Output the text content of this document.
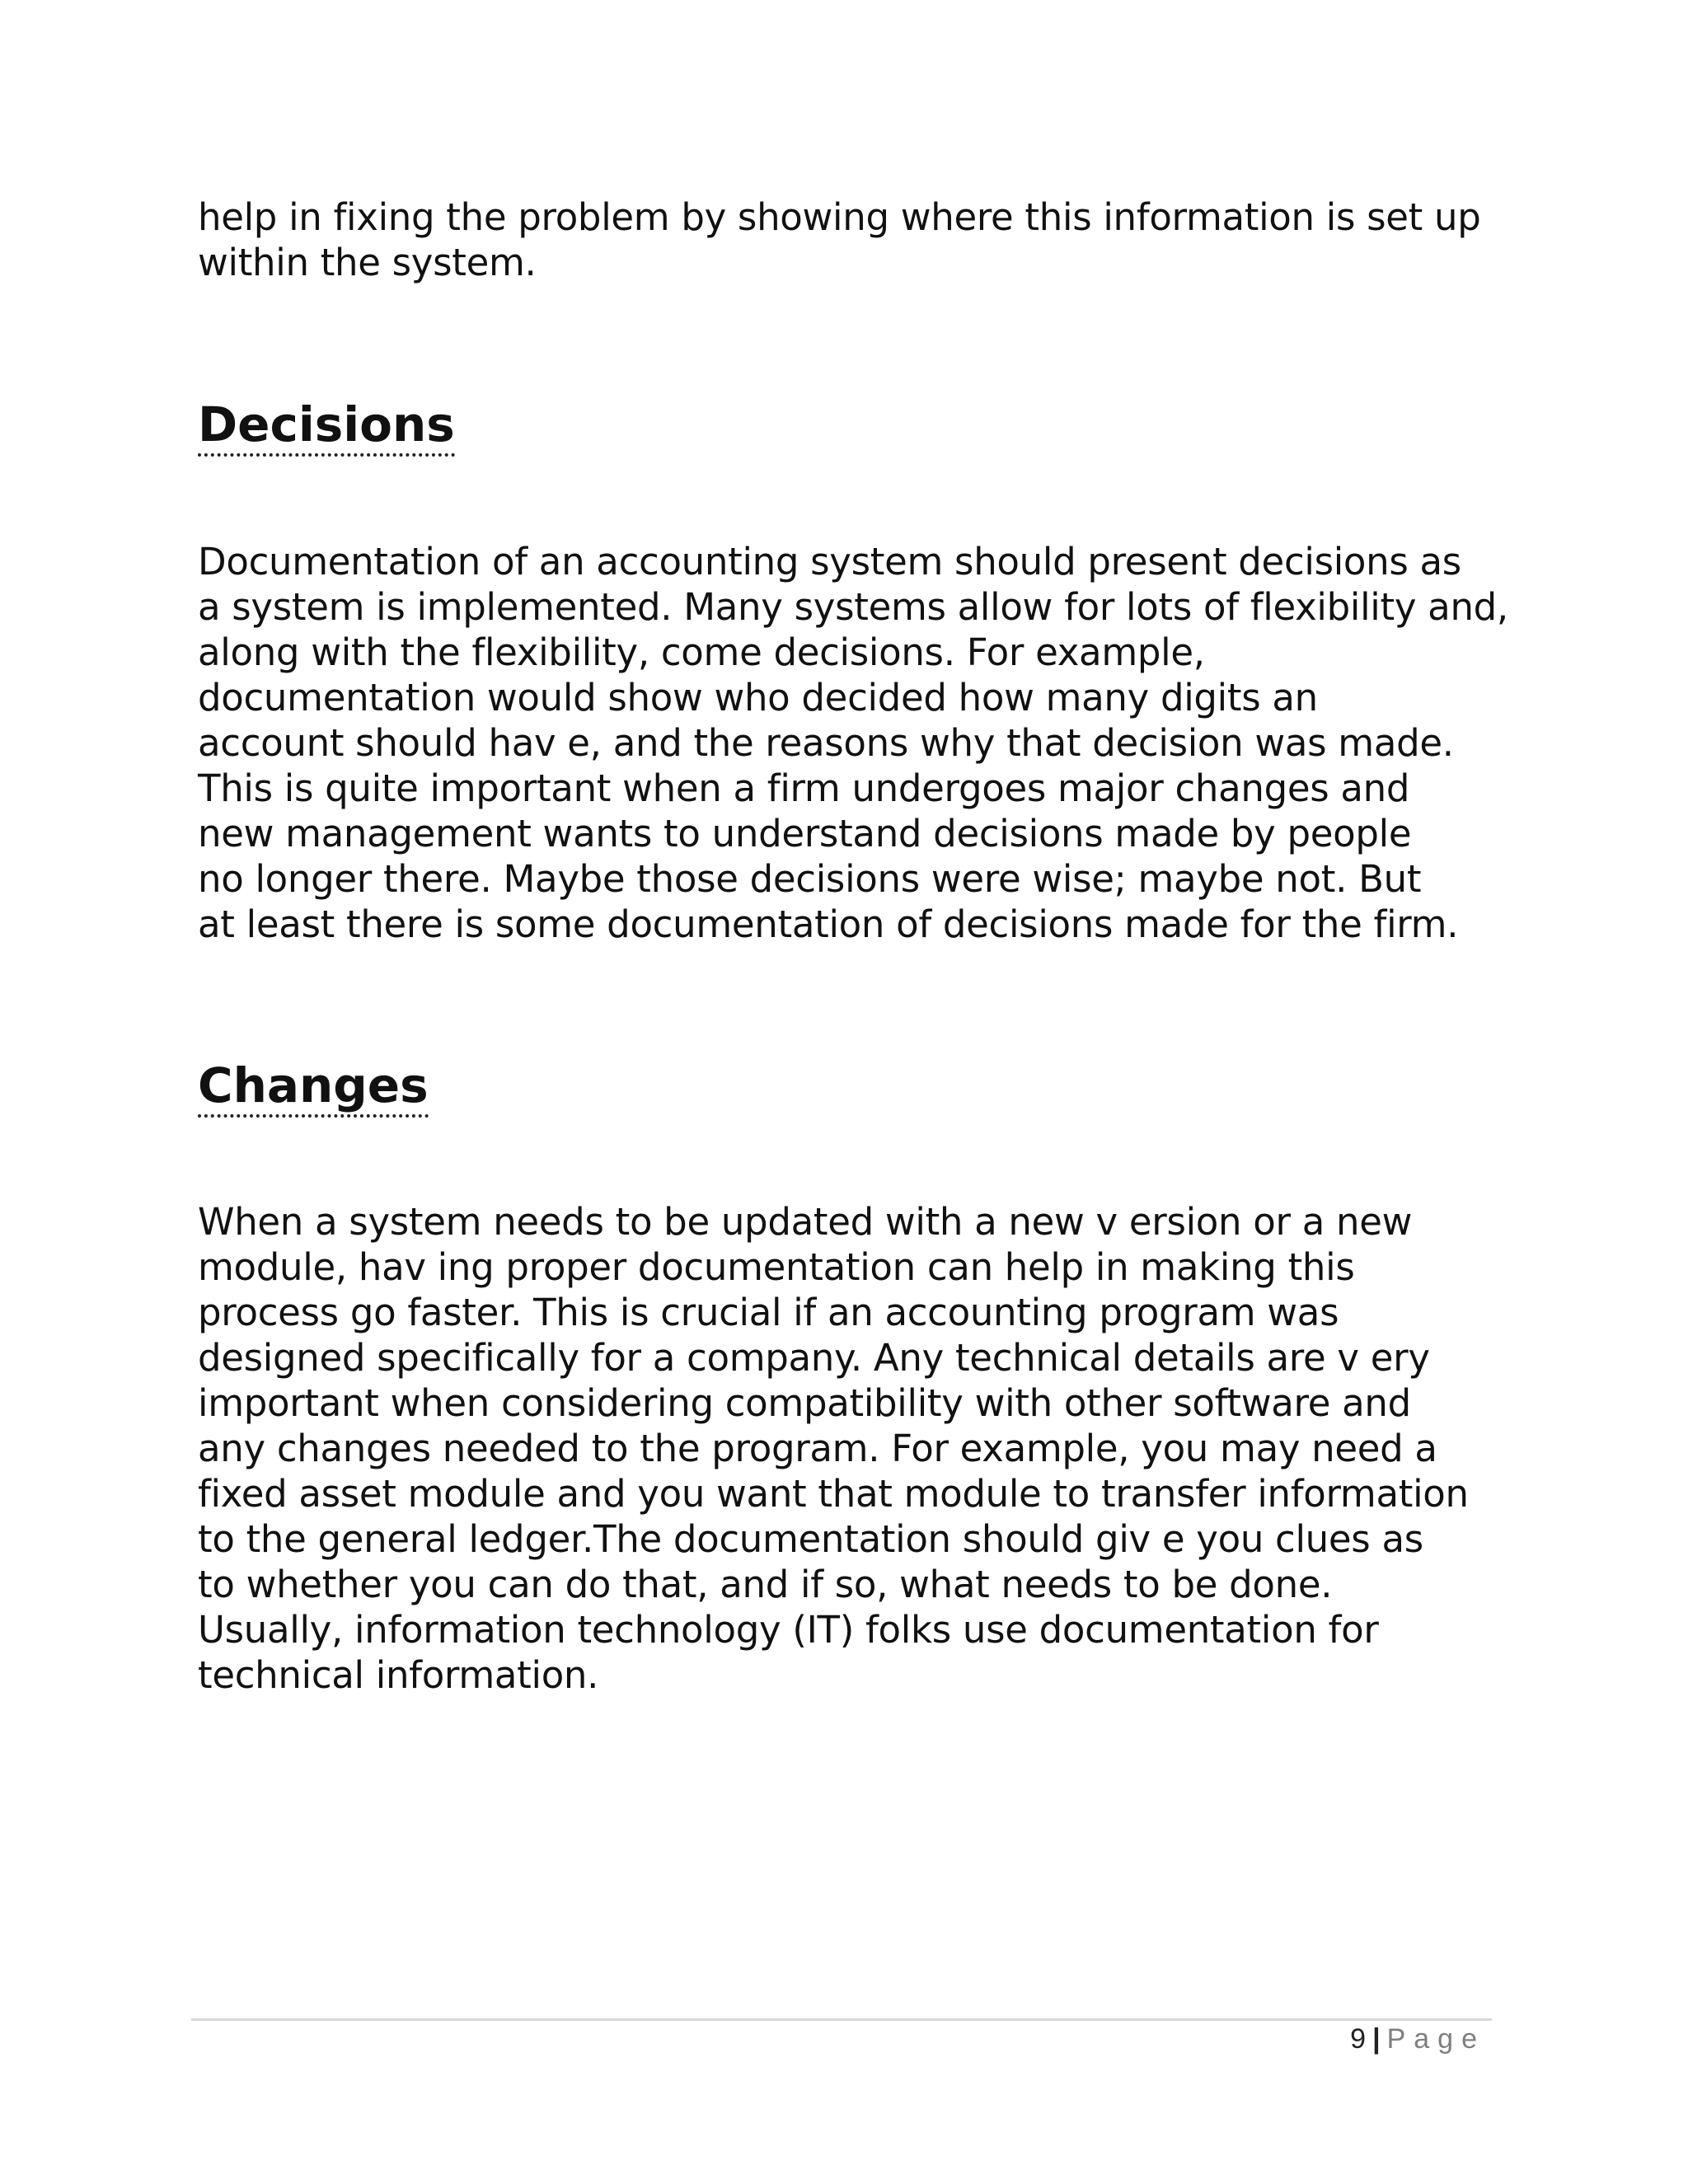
help in fixing the problem by showing where this information is set up
within the system.

Decisions

Documentation of an accounting system should present decisions as
a system is implemented. Many systems allow for lots of flexibility and,
along with the flexibility, come decisions. For example,
documentation would show who decided how many digits an
account should hav e, and the reasons why that decision was made.
This is quite important when a firm undergoes major changes and
new management wants to understand decisions made by people
no longer there. Maybe those decisions were wise; maybe not. But
at least there is some documentation of decisions made for the firm.

Changes

When a system needs to be updated with a new v ersion or a new
module, hav ing proper documentation can help in making this
process go faster. This is crucial if an accounting program was
designed specifically for a company. Any technical details are v ery
important when considering compatibility with other software and
any changes needed to the program. For example, you may need a
fixed asset module and you want that module to transfer information
to the general ledger.The documentation should giv e you clues as
to whether you can do that, and if so, what needs to be done.
Usually, information technology (IT) folks use documentation for
technical information.

9 | Page
